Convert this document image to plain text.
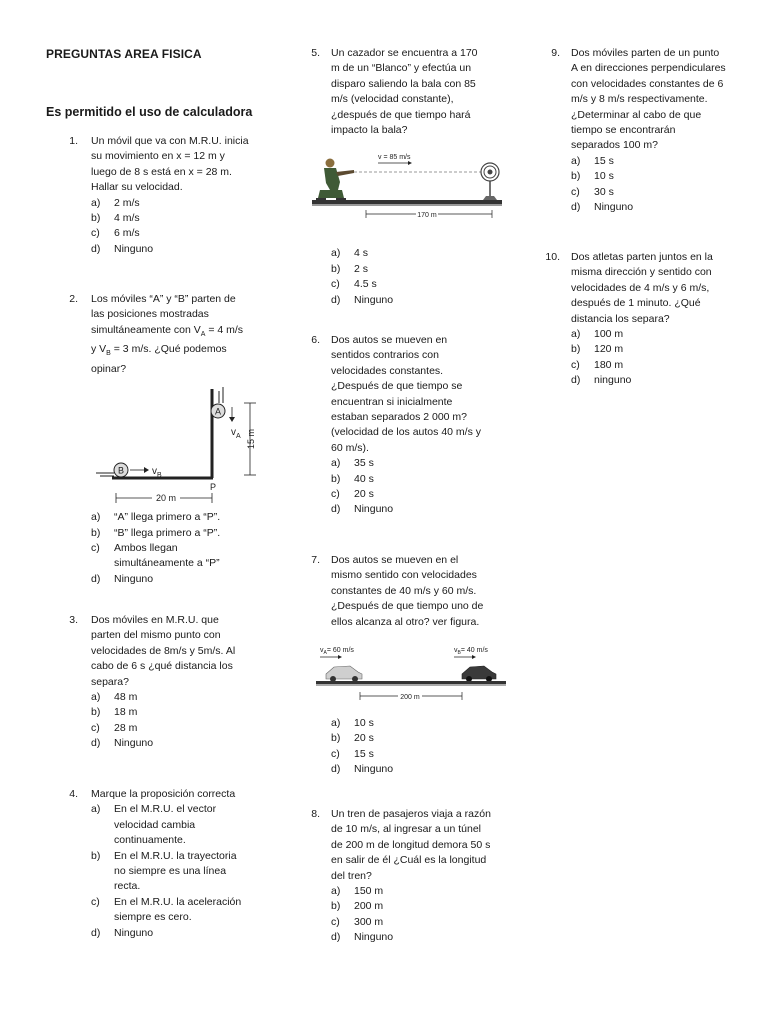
PREGUNTAS AREA FISICA
Es permitido el uso de calculadora
1. Un móvil que va con M.R.U. inicia su movimiento en x = 12 m y luego de 8 s está en x = 28 m. Hallar su velocidad.
a) 2 m/s
b) 4 m/s
c) 6 m/s
d) Ninguno
2. Los móviles “A” y “B” parten de las posiciones mostradas simultáneamente con $V_A = 4$ m/s y $V_B = 3$ m/s. ¿Qué podemos opinar?
A
$v_A$ 15 m
B	$v_B$
P
20 m
a) “A” llega primero a “P”.
b) “B” llega primero a “P”.
c) Ambos llegan simultáneamente a “P”
d) Ninguno
3. Dos móviles en M.R.U. que parten del mismo punto con velocidades de 8m/s y 5m/s. Al cabo de 6 s ¿qué distancia los separa?
a) 48 m
b) 18 m
c) 28 m
d) Ninguno
4. Marque la proposición correcta
a) En el M.R.U. el vector velocidad cambia continuamente.
b) En el M.R.U. la trayectoria no siempre es una línea recta.
c) En el M.R.U. la aceleración siempre es cero.
d) Ninguno
5. Un cazador se encuentra a 170 m de un “Blanco” y efectúa un disparo saliendo la bala con 85 m/s (velocidad constante), ¿después de que tiempo hará impacto la bala?
v = 85 m/s
170 m
a) 4 s
b) 2 s
c) 4.5 s
d) Ninguno
6. Dos autos se mueven en sentidos contrarios con velocidades constantes. ¿Después de que tiempo se encuentran si inicialmente estaban separados 2 000 m? (velocidad de los autos 40 m/s y 60 m/s).
a) 35 s
b) 40 s
c) 20 s
d) Ninguno
7. Dos autos se mueven en el mismo sentido con velocidades constantes de 40 m/s y 60 m/s. ¿Después de que tiempo uno de ellos alcanza al otro? ver figura.
$v_A= 60$ m/s	$v_B= 40$ m/s
200 m
a) 10 s
b) 20 s
c) 15 s
d) Ninguno
8. Un tren de pasajeros viaja a razón de 10 m/s, al ingresar a un túnel de 200 m de longitud demora 50 s en salir de él ¿Cuál es la longitud del tren?
a) 150 m
b) 200 m
c) 300 m
d) Ninguno
9. Dos móviles parten de un punto A en direcciones perpendiculares con velocidades constantes de 6 m/s y 8 m/s respectivamente. ¿Determinar al cabo de que tiempo se encontrarán separados 100 m?
a) 15 s
b) 10 s
c) 30 s
d) Ninguno
10. Dos atletas parten juntos en la misma dirección y sentido con velocidades de 4 m/s y 6 m/s, después de 1 minuto. ¿Qué distancia los separa?
a) 100 m
b) 120 m
c) 180 m
d) ninguno
